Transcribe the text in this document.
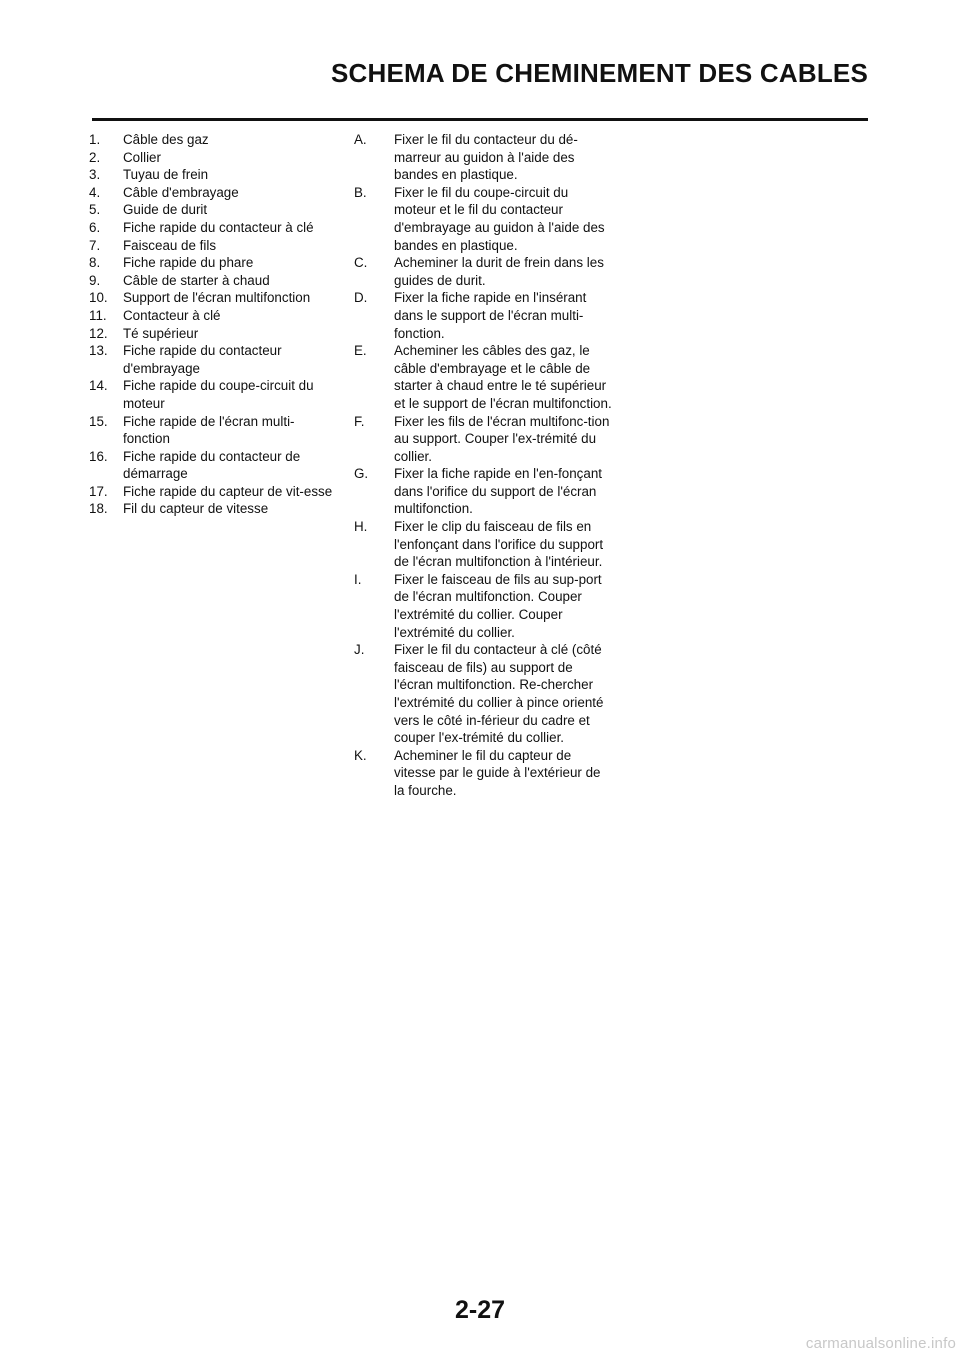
SCHEMA DE CHEMINEMENT DES CABLES
1.	Câble des gaz
2.	Collier
3.	Tuyau de frein
4.	Câble d'embrayage
5.	Guide de durit
6.	Fiche rapide du contacteur à clé
7.	Faisceau de fils
8.	Fiche rapide du phare
9.	Câble de starter à chaud
10.	Support de l'écran multifonction
11.	Contacteur à clé
12.	Té supérieur
13.	Fiche rapide du contacteur d'embrayage
14.	Fiche rapide du coupe-circuit du moteur
15.	Fiche rapide de l'écran multi-fonction
16.	Fiche rapide du contacteur de démarrage
17.	Fiche rapide du capteur de vit-esse
18.	Fil du capteur de vitesse
A.	Fixer le fil du contacteur du dé-marreur au guidon à l'aide des bandes en plastique.
B.	Fixer le fil du coupe-circuit du moteur et le fil du contacteur d'embrayage au guidon à l'aide des bandes en plastique.
C.	Acheminer la durit de frein dans les guides de durit.
D.	Fixer la fiche rapide en l'insérant dans le support de l'écran multi-fonction.
E.	Acheminer les câbles des gaz, le câble d'embrayage et le câble de starter à chaud entre le té supérieur et le support de l'écran multifonction.
F.	Fixer les fils de l'écran multifonc-tion au support. Couper l'ex-trémité du collier.
G.	Fixer la fiche rapide en l'en-fonçant dans l'orifice du support de l'écran multifonction.
H.	Fixer le clip du faisceau de fils en l'enfonçant dans l'orifice du support de l'écran multifonction à l'intérieur.
I.	Fixer le faisceau de fils au sup-port de l'écran multifonction. Couper l'extrémité du collier. Couper l'extrémité du collier.
J.	Fixer le fil du contacteur à clé (côté faisceau de fils) au support de l'écran multifonction. Re-chercher l'extrémité du collier à pince orienté vers le côté in-férieur du cadre et couper l'ex-trémité du collier.
K.	Acheminer le fil du capteur de vitesse par le guide à l'extérieur de la fourche.
2-27
carmanualsonline.info
